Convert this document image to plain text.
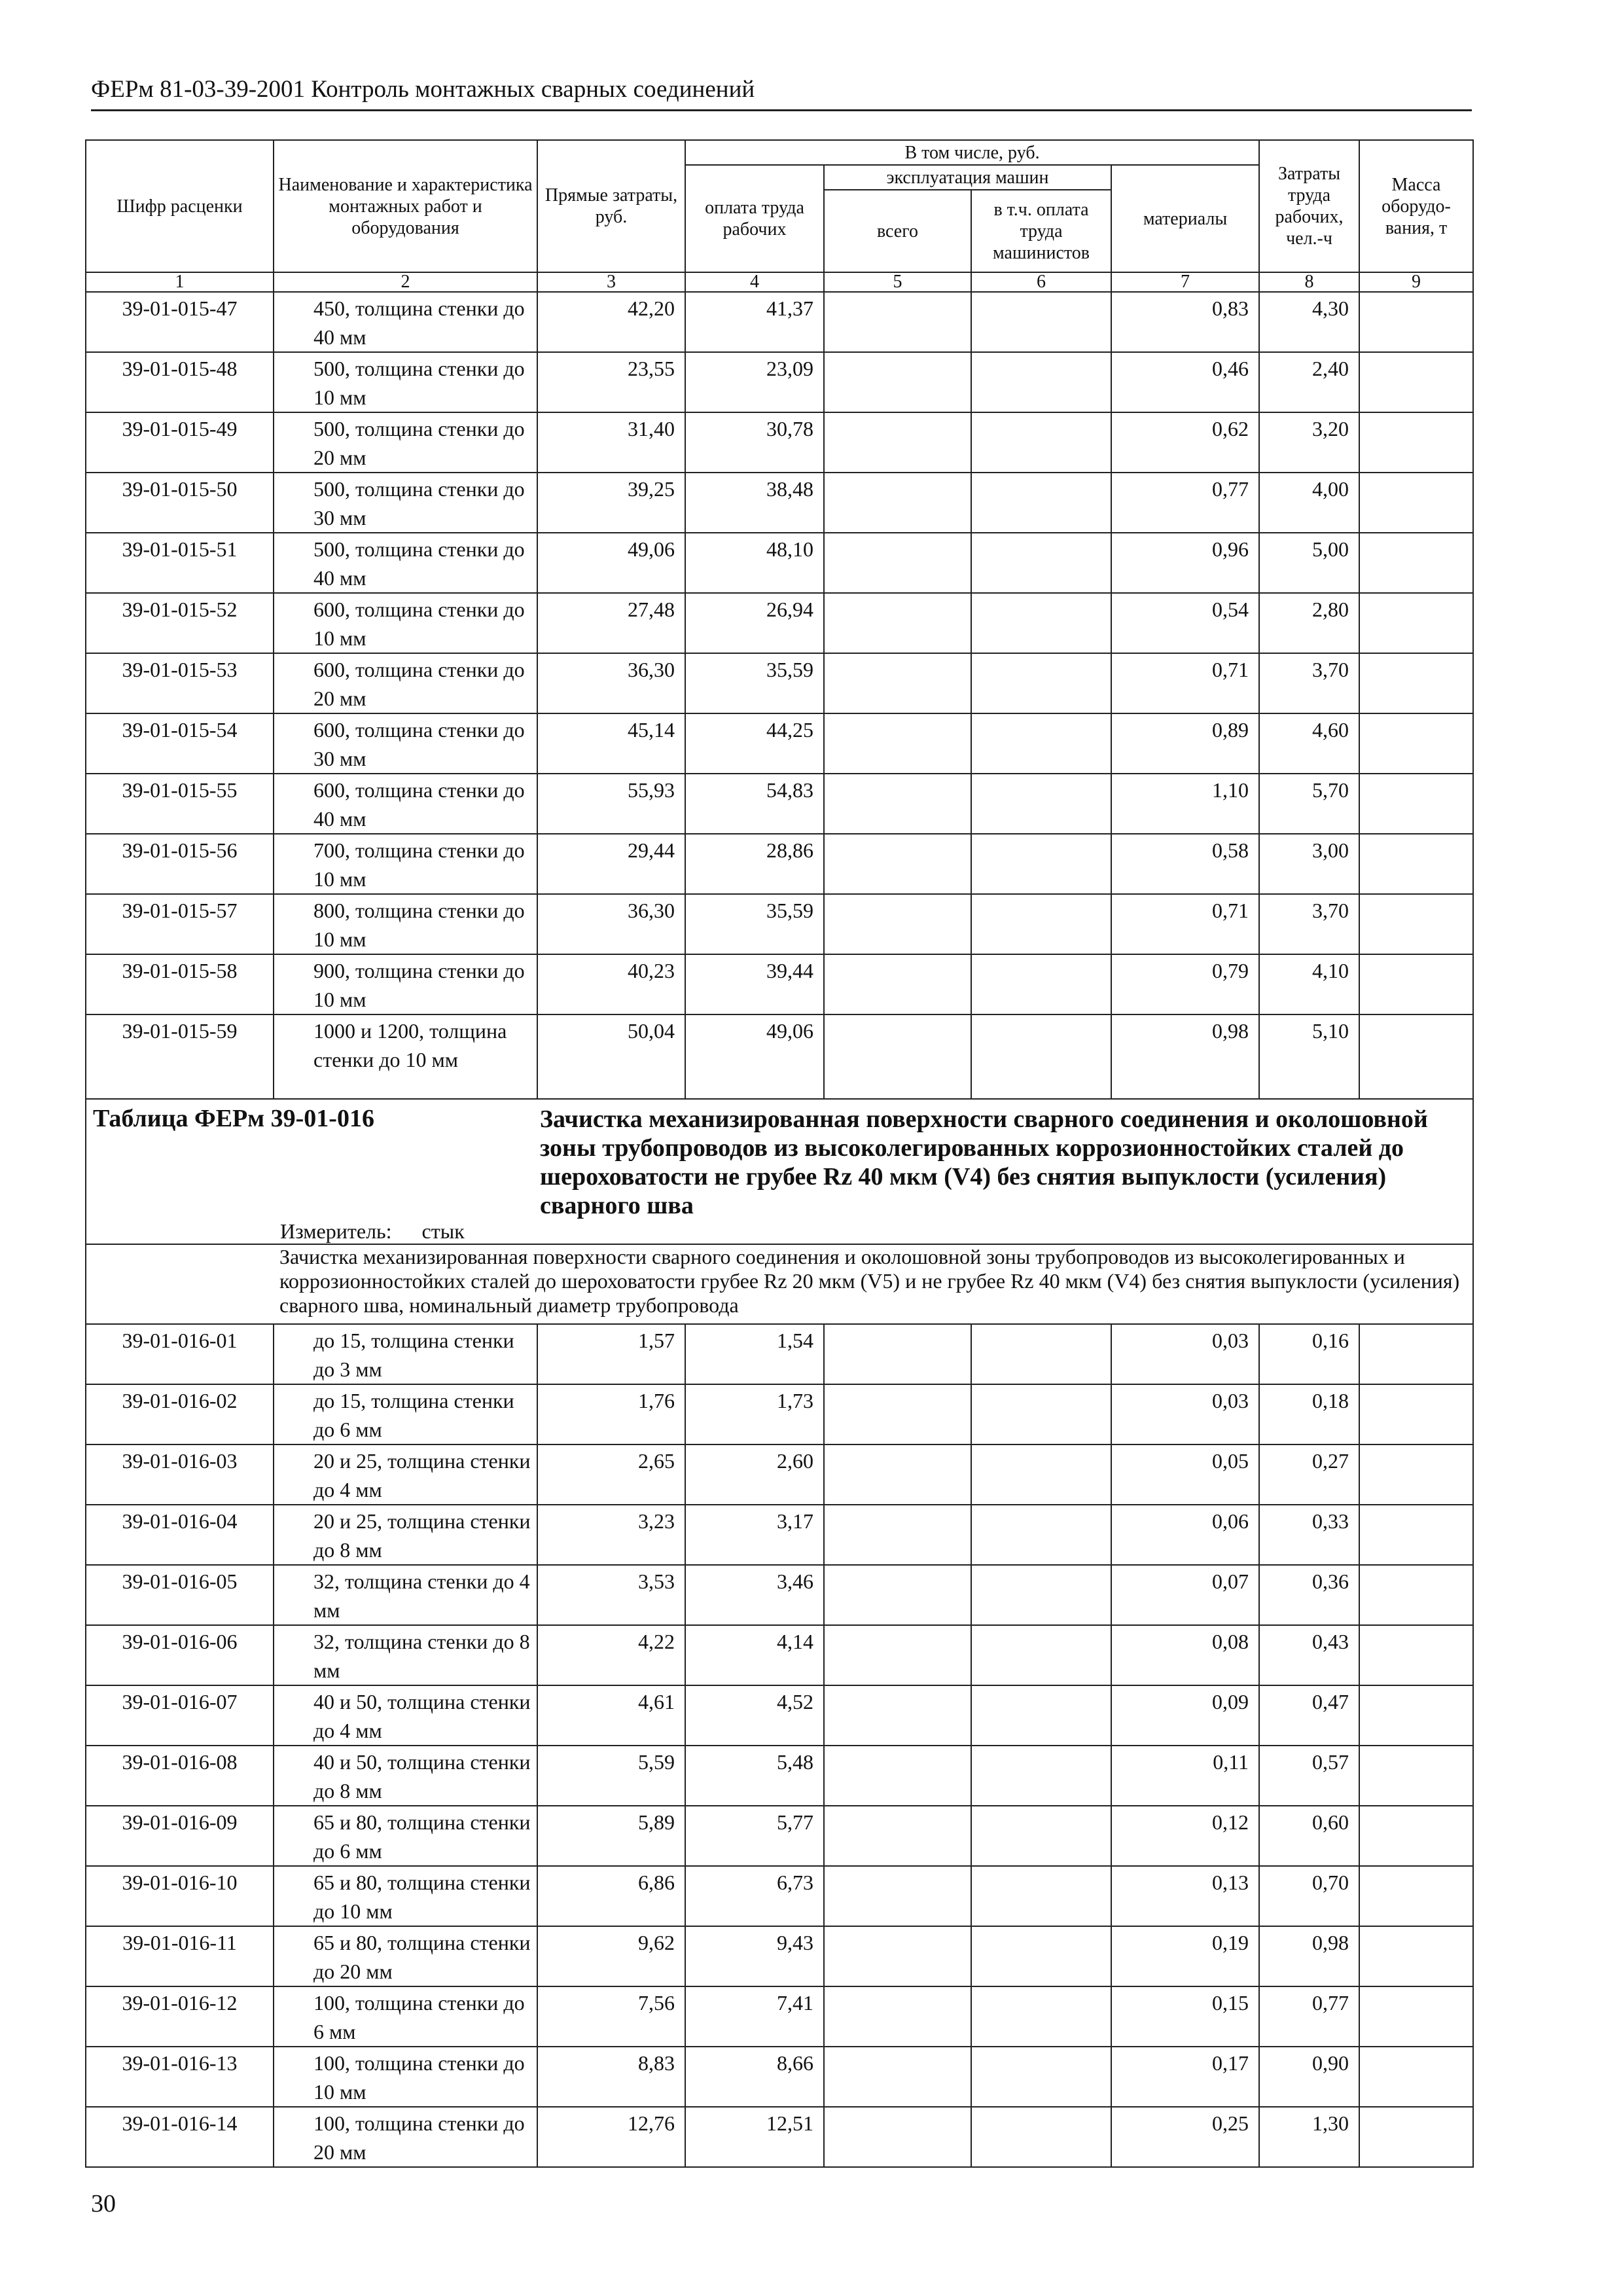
ФЕРм 81-03-39-2001 Контроль монтажных сварных соединений
Шифр расценки	Наименование и характеристика монтажных работ и оборудования	Прямые затраты, руб.	В том числе, руб.				Затраты труда рабочих, чел.-ч	Масса оборудо-вания, т
			оплата труда рабочих	эксплуатация машин		материалы		
				всего	в т.ч. оплата труда машинистов			
1	2	3	4	5	6	7	8	9
39-01-015-47	450, толщина стенки до 40 мм	42,20	41,37			0,83	4,30	
39-01-015-48	500, толщина стенки до 10 мм	23,55	23,09			0,46	2,40	
39-01-015-49	500, толщина стенки до 20 мм	31,40	30,78			0,62	3,20	
39-01-015-50	500, толщина стенки до 30 мм	39,25	38,48			0,77	4,00	
39-01-015-51	500, толщина стенки до 40 мм	49,06	48,10			0,96	5,00	
39-01-015-52	600, толщина стенки до 10 мм	27,48	26,94			0,54	2,80	
39-01-015-53	600, толщина стенки до 20 мм	36,30	35,59			0,71	3,70	
39-01-015-54	600, толщина стенки до 30 мм	45,14	44,25			0,89	4,60	
39-01-015-55	600, толщина стенки до 40 мм	55,93	54,83			1,10	5,70	
39-01-015-56	700, толщина стенки до 10 мм	29,44	28,86			0,58	3,00	
39-01-015-57	800, толщина стенки до 10 мм	36,30	35,59			0,71	3,70	
39-01-015-58	900, толщина стенки до 10 мм	40,23	39,44			0,79	4,10	
39-01-015-59	1000 и 1200, толщина стенки до 10 мм	50,04	49,06			0,98	5,10	
Таблица ФЕРм 39-01-016		Зачистка механизированная поверхности сварного соединения и околошовной зоны трубопроводов из высоколегированных коррозионностойких сталей до шероховатости не грубее Rz 40 мкм (V4) без снятия выпуклости (усиления) сварного шва						
Измеритель: стык								

Зачистка механизированная поверхности сварного соединения и околошовной зоны трубопроводов из высоколегированных и коррозионностойких сталей до шероховатости грубее Rz 20 мкм (V5) и не грубее Rz 40 мкм (V4) без снятия выпуклости (усиления) сварного шва, номинальный диаметр трубопровода								

39-01-016-01	до 15, толщина стенки до 3 мм	1,57	1,54			0,03	0,16	
39-01-016-02	до 15, толщина стенки до 6 мм	1,76	1,73			0,03	0,18	
39-01-016-03	20 и 25, толщина стенки до 4 мм	2,65	2,60			0,05	0,27	
39-01-016-04	20 и 25, толщина стенки до 8 мм	3,23	3,17			0,06	0,33	
39-01-016-05	32, толщина стенки до 4 мм	3,53	3,46			0,07	0,36	
39-01-016-06	32, толщина стенки до 8 мм	4,22	4,14			0,08	0,43	
39-01-016-07	40 и 50, толщина стенки до 4 мм	4,61	4,52			0,09	0,47	
39-01-016-08	40 и 50, толщина стенки до 8 мм	5,59	5,48			0,11	0,57	
39-01-016-09	65 и 80, толщина стенки до 6 мм	5,89	5,77			0,12	0,60	
39-01-016-10	65 и 80, толщина стенки до 10 мм	6,86	6,73			0,13	0,70	
39-01-016-11	65 и 80, толщина стенки до 20 мм	9,62	9,43			0,19	0,98	
39-01-016-12	100, толщина стенки до 6 мм	7,56	7,41			0,15	0,77	
39-01-016-13	100, толщина стенки до 10 мм	8,83	8,66			0,17	0,90	
39-01-016-14	100, толщина стенки до 20 мм	12,76	12,51			0,25	1,30	
30
